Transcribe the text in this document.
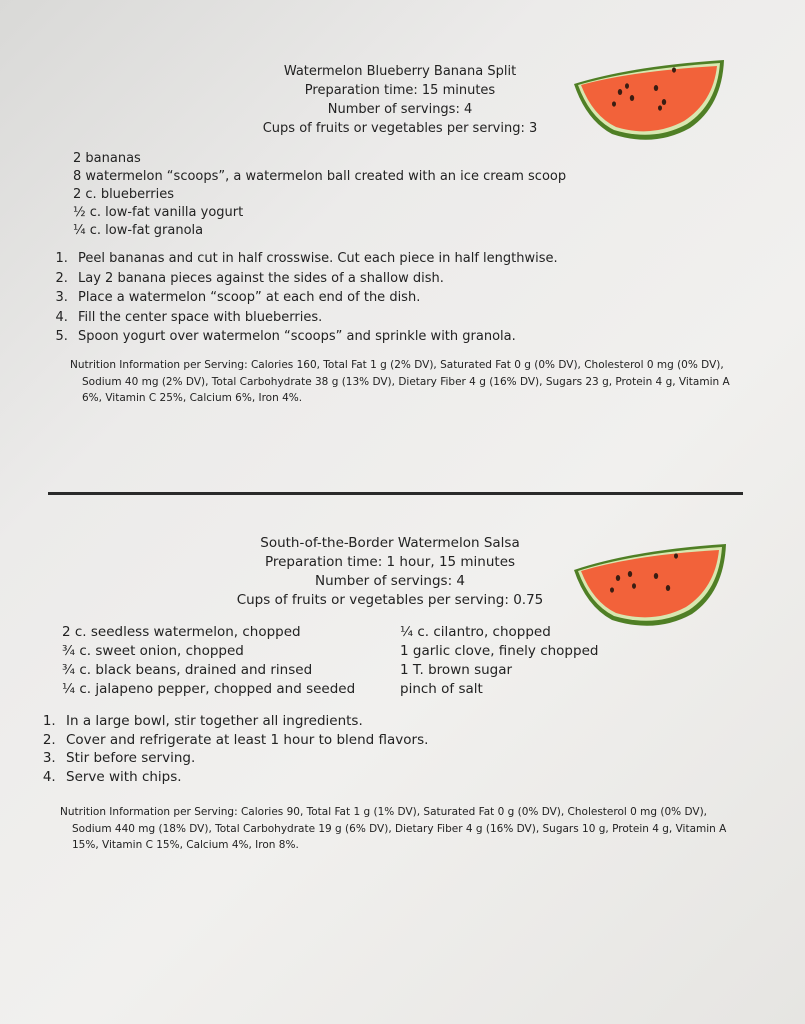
Watermelon Blueberry Banana Split
Preparation time: 15 minutes
Number of servings: 4
Cups of fruits or vegetables per serving: 3
2 bananas
8 watermelon “scoops”, a watermelon ball created with an ice cream scoop
2 c. blueberries
½ c. low-fat vanilla yogurt
¼ c. low-fat granola
1. Peel bananas and cut in half crosswise. Cut each piece in half lengthwise.
2. Lay 2 banana pieces against the sides of a shallow dish.
3. Place a watermelon “scoop” at each end of the dish.
4. Fill the center space with blueberries.
5. Spoon yogurt over watermelon “scoops” and sprinkle with granola.
Nutrition Information per Serving: Calories 160, Total Fat 1 g (2% DV), Saturated Fat 0 g (0% DV), Cholesterol 0 mg (0% DV), Sodium 40 mg (2% DV), Total Carbohydrate 38 g (13% DV), Dietary Fiber 4 g (16% DV), Sugars 23 g, Protein 4 g, Vitamin A 6%, Vitamin C 25%, Calcium 6%, Iron 4%.
South-of-the-Border Watermelon Salsa
Preparation time: 1 hour, 15 minutes
Number of servings: 4
Cups of fruits or vegetables per serving: 0.75
2 c. seedless watermelon, chopped
¾ c. sweet onion, chopped
¾ c. black beans, drained and rinsed
¼ c. jalapeno pepper, chopped and seeded
¼ c. cilantro, chopped
1 garlic clove, finely chopped
1 T. brown sugar
pinch of salt
1. In a large bowl, stir together all ingredients.
2. Cover and refrigerate at least 1 hour to blend flavors.
3. Stir before serving.
4. Serve with chips.
Nutrition Information per Serving: Calories 90, Total Fat 1 g (1% DV), Saturated Fat 0 g (0% DV), Cholesterol 0 mg (0% DV), Sodium 440 mg (18% DV), Total Carbohydrate 19 g (6% DV), Dietary Fiber 4 g (16% DV), Sugars 10 g, Protein 4 g, Vitamin A 15%, Vitamin C 15%, Calcium 4%, Iron 8%.
